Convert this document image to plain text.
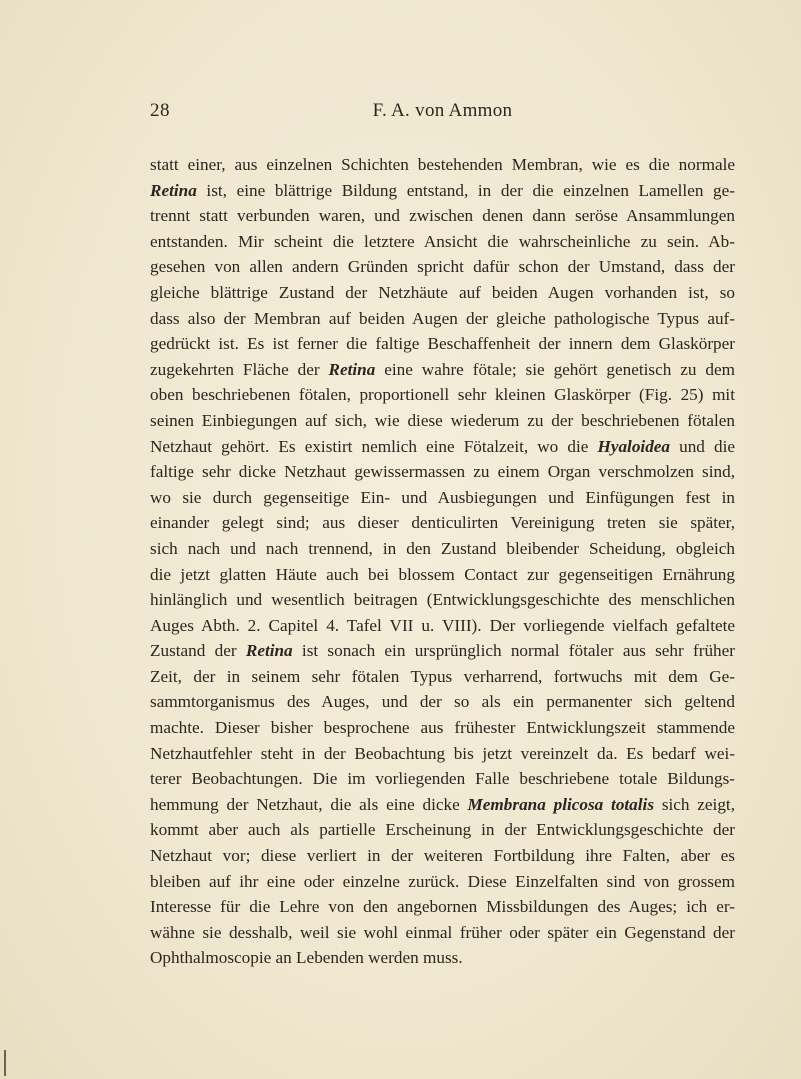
28	F. A. von Ammon
statt einer, aus einzelnen Schichten bestehenden Membran, wie es die normale
Retina ist, eine blättrige Bildung entstand, in der die einzelnen Lamellen ge-
trennt statt verbunden waren, und zwischen denen dann seröse Ansammlungen
entstanden. Mir scheint die letztere Ansicht die wahrscheinliche zu sein. Ab-
gesehen von allen andern Gründen spricht dafür schon der Umstand, dass der
gleiche blättrige Zustand der Netzhäute auf beiden Augen vorhanden ist, so
dass also der Membran auf beiden Augen der gleiche pathologische Typus auf-
gedrückt ist. Es ist ferner die faltige Beschaffenheit der innern dem Glaskörper
zugekehrten Fläche der Retina eine wahre fötale; sie gehört genetisch zu dem
oben beschriebenen fötalen, proportionell sehr kleinen Glaskörper (Fig. 25) mit
seinen Einbiegungen auf sich, wie diese wiederum zu der beschriebenen fötalen
Netzhaut gehört. Es existirt nemlich eine Fötalzeit, wo die Hyaloidea und die
faltige sehr dicke Netzhaut gewissermassen zu einem Organ verschmolzen sind,
wo sie durch gegenseitige Ein- und Ausbiegungen und Einfügungen fest in
einander gelegt sind; aus dieser denticulirten Vereinigung treten sie später,
sich nach und nach trennend, in den Zustand bleibender Scheidung, obgleich
die jetzt glatten Häute auch bei blossem Contact zur gegenseitigen Ernährung
hinlänglich und wesentlich beitragen (Entwicklungsgeschichte des menschlichen
Auges Abth. 2. Capitel 4. Tafel VII u. VIII). Der vorliegende vielfach gefaltete
Zustand der Retina ist sonach ein ursprünglich normal fötaler aus sehr früher
Zeit, der in seinem sehr fötalen Typus verharrend, fortwuchs mit dem Ge-
sammtorganismus des Auges, und der so als ein permanenter sich geltend
machte. Dieser bisher besprochene aus frühester Entwicklungszeit stammende
Netzhautfehler steht in der Beobachtung bis jetzt vereinzelt da. Es bedarf wei-
terer Beobachtungen. Die im vorliegenden Falle beschriebene totale Bildungs-
hemmung der Netzhaut, die als eine dicke Membrana plicosa totalis sich zeigt,
kommt aber auch als partielle Erscheinung in der Entwicklungsgeschichte der
Netzhaut vor; diese verliert in der weiteren Fortbildung ihre Falten, aber es
bleiben auf ihr eine oder einzelne zurück. Diese Einzelfalten sind von grossem
Interesse für die Lehre von den angebornen Missbildungen des Auges; ich er-
wähne sie desshalb, weil sie wohl einmal früher oder später ein Gegenstand der
Ophthalmoscopie an Lebenden werden muss.
